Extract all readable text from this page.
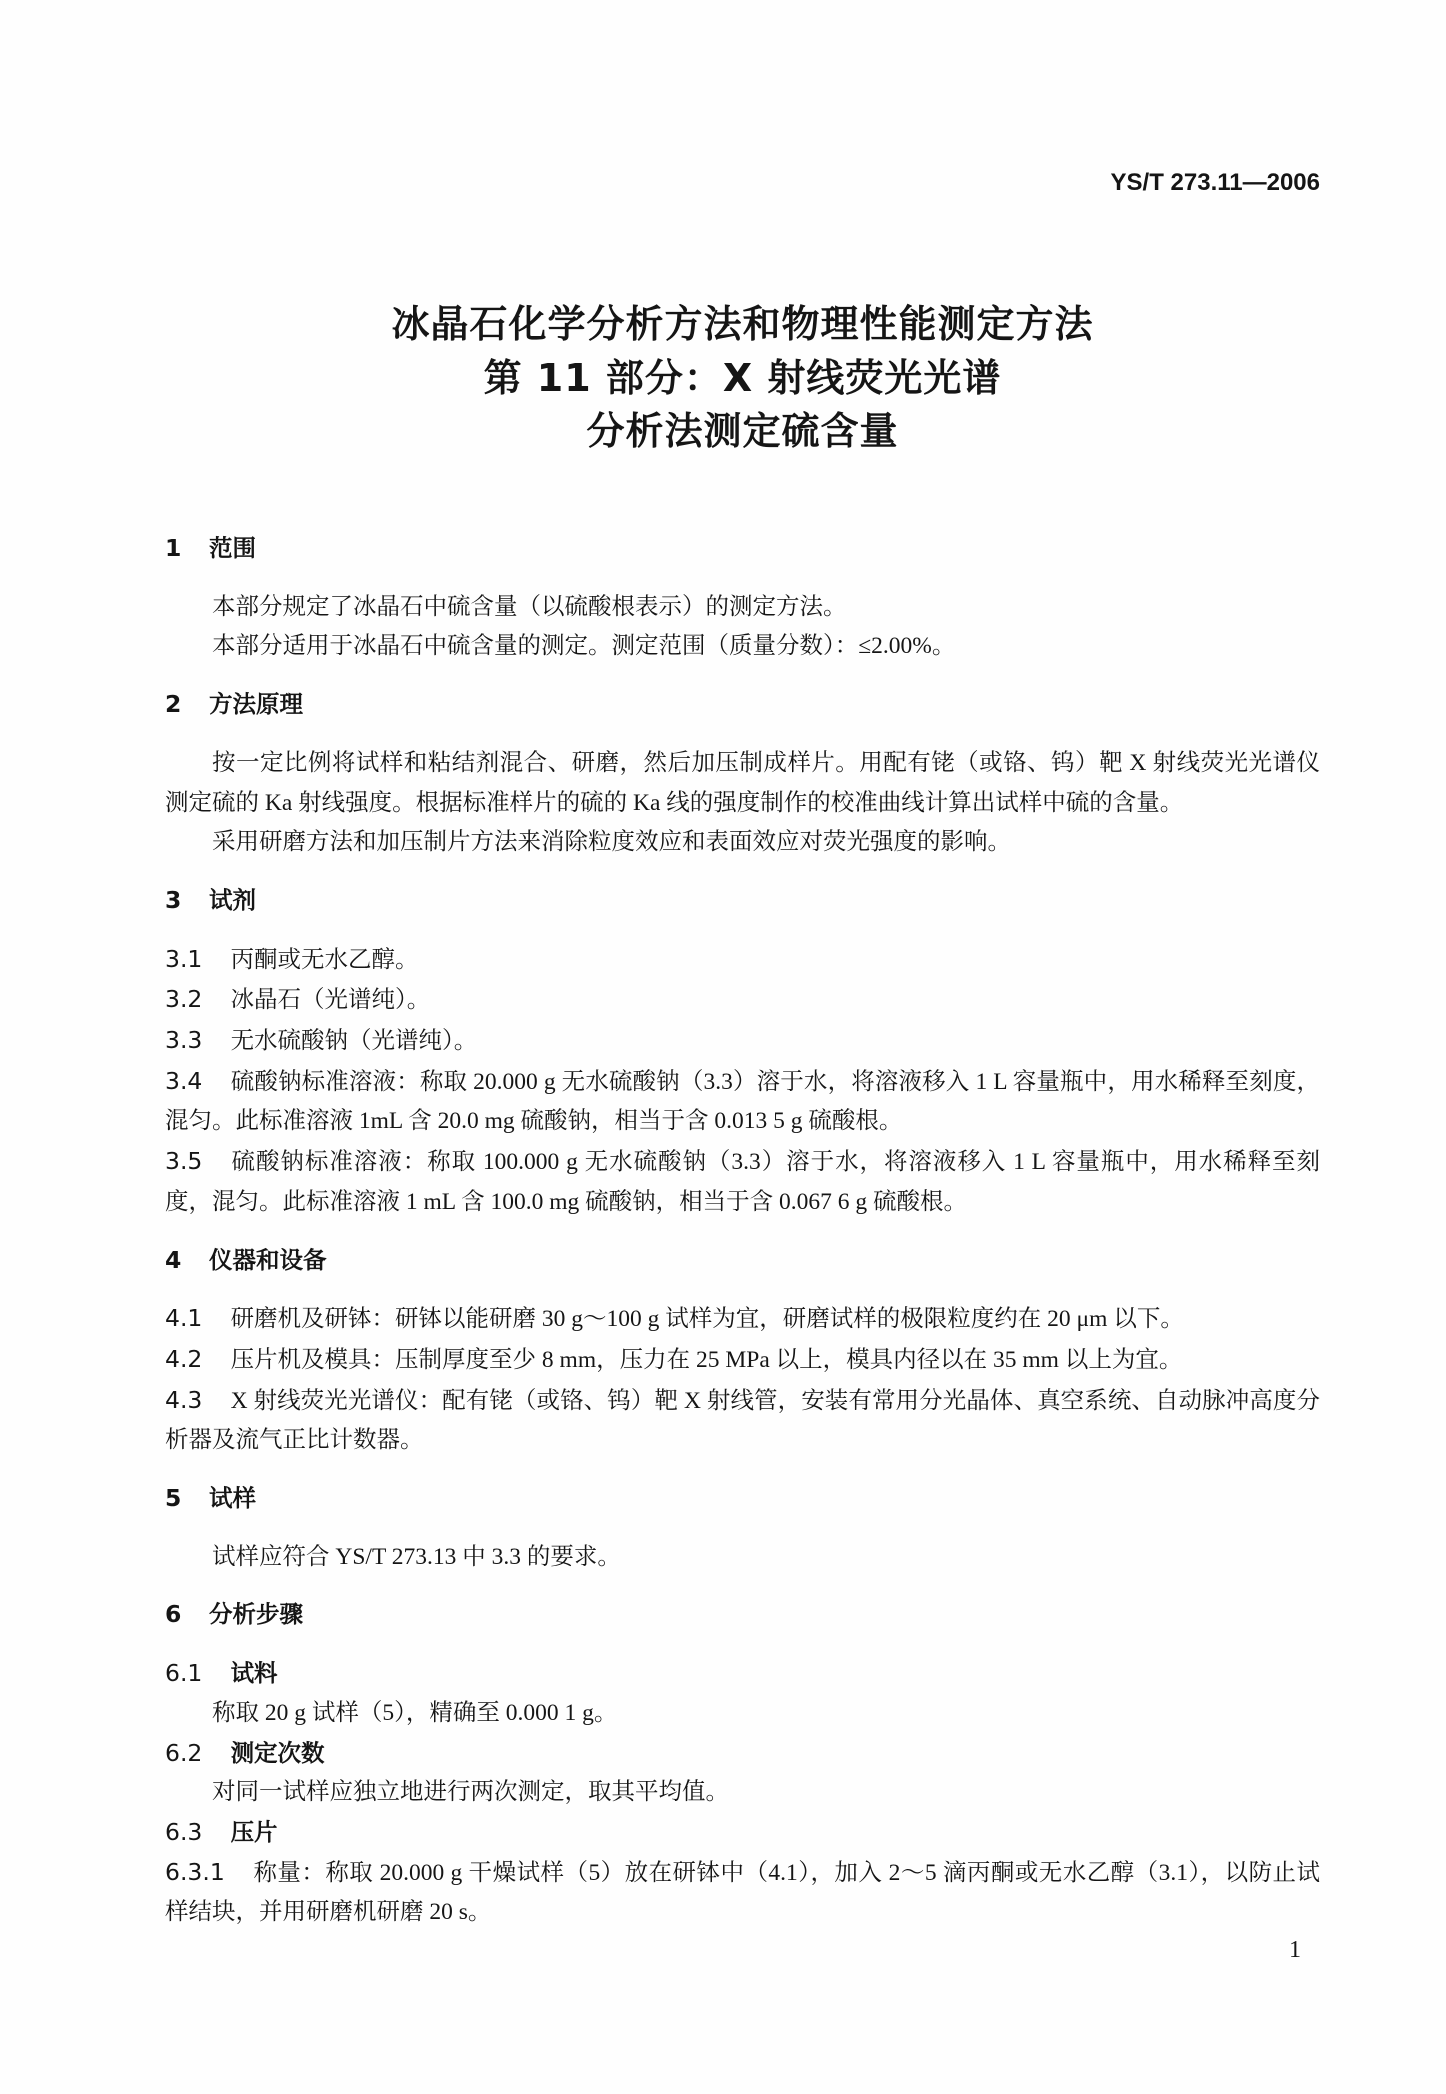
YS/T 273.11—2006
冰晶石化学分析方法和物理性能测定方法
第 11 部分：X 射线荧光光谱
分析法测定硫含量
1 范围

本部分规定了冰晶石中硫含量（以硫酸根表示）的测定方法。

本部分适用于冰晶石中硫含量的测定。测定范围（质量分数）：≤2.00%。

2 方法原理

按一定比例将试样和粘结剂混合、研磨，然后加压制成样片。用配有铑（或铬、钨）靶 X 射线荧光光谱仪测定硫的 Ka 射线强度。根据标准样片的硫的 Ka 线的强度制作的校准曲线计算出试样中硫的含量。

采用研磨方法和加压制片方法来消除粒度效应和表面效应对荧光强度的影响。

3 试剂

3.1 丙酮或无水乙醇。

3.2 冰晶石（光谱纯）。

3.3 无水硫酸钠（光谱纯）。

3.4 硫酸钠标准溶液：称取 20.000 g 无水硫酸钠（3.3）溶于水，将溶液移入 1 L 容量瓶中，用水稀释至刻度，混匀。此标准溶液 1mL 含 20.0 mg 硫酸钠，相当于含 0.013 5 g 硫酸根。

3.5 硫酸钠标准溶液：称取 100.000 g 无水硫酸钠（3.3）溶于水，将溶液移入 1 L 容量瓶中，用水稀释至刻度，混匀。此标准溶液 1 mL 含 100.0 mg 硫酸钠，相当于含 0.067 6 g 硫酸根。

4 仪器和设备

4.1 研磨机及研钵：研钵以能研磨 30 g～100 g 试样为宜，研磨试样的极限粒度约在 20 μm 以下。

4.2 压片机及模具：压制厚度至少 8 mm，压力在 25 MPa 以上，模具内径以在 35 mm 以上为宜。

4.3 X 射线荧光光谱仪：配有铑（或铬、钨）靶 X 射线管，安装有常用分光晶体、真空系统、自动脉冲高度分析器及流气正比计数器。

5 试样

试样应符合 YS/T 273.13 中 3.3 的要求。

6 分析步骤
6.1 试料

称取 20 g 试样（5），精确至 0.000 1 g。

6.2 测定次数

对同一试样应独立地进行两次测定，取其平均值。

6.3 压片

6.3.1 称量：称取 20.000 g 干燥试样（5）放在研钵中（4.1），加入 2～5 滴丙酮或无水乙醇（3.1），以防止试样结块，并用研磨机研磨 20 s。

1
